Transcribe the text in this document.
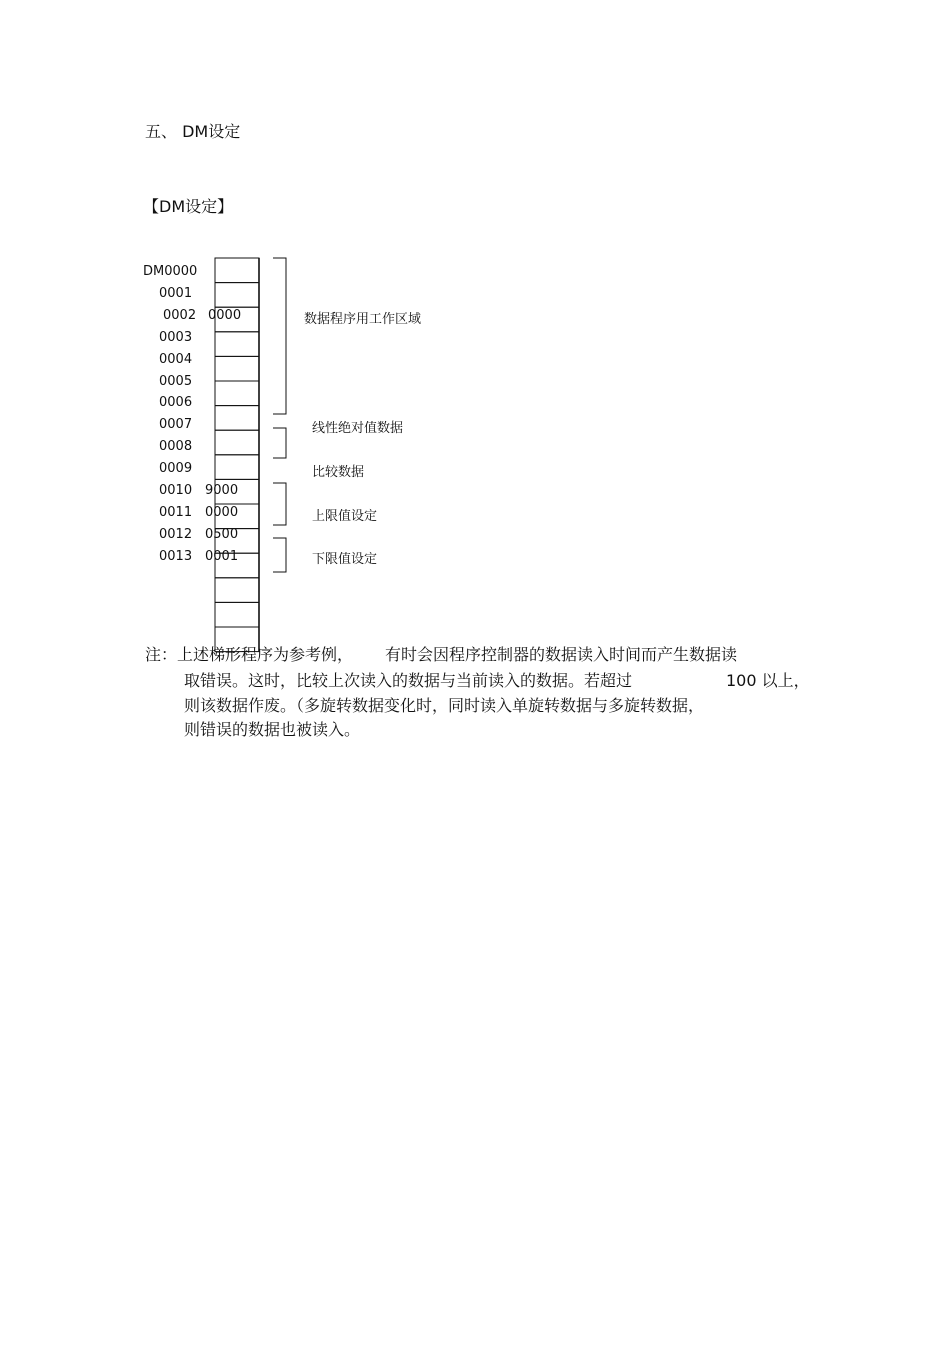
五、 DM设定
【DM设定】
DM0000
0001
0002 0000
0003
0004
0005
0006
0007
0008
0009
0010 9000
0011 0000
0012 0500
0013 0001
数据程序用工作区域
线性绝对值数据
比较数据
上限值设定
下限值设定
注：上述梯形程序为参考例， 有时会因程序控制器的数据读入时间而产生数据读
取错误。这时，比较上次读入的数据与当前读入的数据。若超过	100 以上，
则该数据作废。（多旋转数据变化时，同时读入单旋转数据与多旋转数据，
则错误的数据也被读入。
